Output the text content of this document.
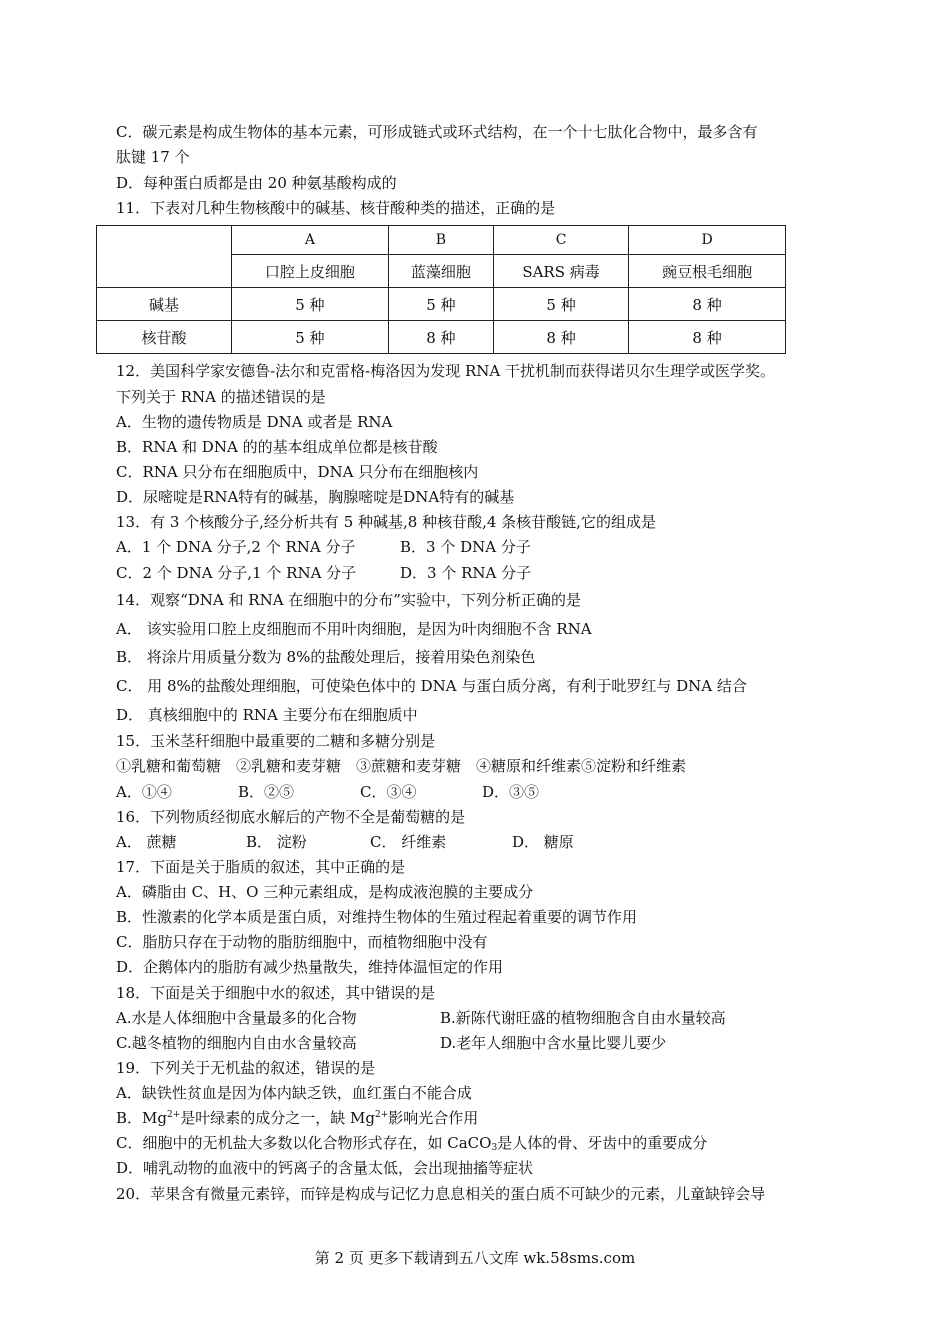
C．碳元素是构成生物体的基本元素，可形成链式或环式结构，在一个十七肽化合物中，最多含有
肽键 17 个
D．每种蛋白质都是由 20 种氨基酸构成的
11．下表对几种生物核酸中的碱基、核苷酸种类的描述，正确的是
	A	B	C	D
	口腔上皮细胞	蓝藻细胞	SARS 病毒	豌豆根毛细胞
碱基	5 种	5 种	5 种	8 种
核苷酸	5 种	8 种	8 种	8 种
12．美国科学家安德鲁-法尔和克雷格-梅洛因为发现 RNA 干扰机制而获得诺贝尔生理学或医学奖。
下列关于 RNA 的描述错误的是
A．生物的遗传物质是 DNA 或者是 RNA
B．RNA 和 DNA 的的基本组成单位都是核苷酸
C．RNA 只分布在细胞质中，DNA 只分布在细胞核内
D．尿嘧啶是RNA特有的碱基，胸腺嘧啶是DNA特有的碱基
13．有 3 个核酸分子,经分析共有 5 种碱基,8 种核苷酸,4 条核苷酸链,它的组成是
A．1 个 DNA 分子,2 个 RNA 分子	B．3 个 DNA 分子
C．2 个 DNA 分子,1 个 RNA 分子	D．3 个 RNA 分子
14．观察“DNA 和 RNA 在细胞中的分布”实验中，下列分析正确的是
A． 该实验用口腔上皮细胞而不用叶肉细胞，是因为叶肉细胞不含 RNA
B． 将涂片用质量分数为 8%的盐酸处理后，接着用染色剂染色
C． 用 8%的盐酸处理细胞，可使染色体中的 DNA 与蛋白质分离，有利于吡罗红与 DNA 结合
D． 真核细胞中的 RNA 主要分布在细胞质中
15．玉米茎秆细胞中最重要的二糖和多糖分别是
①乳糖和葡萄糖　②乳糖和麦芽糖　③蔗糖和麦芽糖　④糖原和纤维素⑤淀粉和纤维素
A．①④	B．②⑤	C．③④	D．③⑤
16．下列物质经彻底水解后的产物不全是葡萄糖的是
A． 蔗糖	B． 淀粉	C． 纤维素	D． 糖原
17．下面是关于脂质的叙述，其中正确的是
A．磷脂由 C、H、O 三种元素组成，是构成液泡膜的主要成分
B．性激素的化学本质是蛋白质，对维持生物体的生殖过程起着重要的调节作用
C．脂肪只存在于动物的脂肪细胞中，而植物细胞中没有
D．企鹅体内的脂肪有减少热量散失，维持体温恒定的作用
18．下面是关于细胞中水的叙述，其中错误的是
A.水是人体细胞中含量最多的化合物	B.新陈代谢旺盛的植物细胞含自由水量较高
C.越冬植物的细胞内自由水含量较高	D.老年人细胞中含水量比婴儿要少
19．下列关于无机盐的叙述，错误的是
A．缺铁性贫血是因为体内缺乏铁，血红蛋白不能合成
B．$Mg^{2+}$是叶绿素的成分之一，缺 $Mg^{2+}$影响光合作用
C．细胞中的无机盐大多数以化合物形式存在，如 CaCO$_3$是人体的骨、牙齿中的重要成分
D．哺乳动物的血液中的钙离子的含量太低，会出现抽搐等症状
20．苹果含有微量元素锌，而锌是构成与记忆力息息相关的蛋白质不可缺少的元素，儿童缺锌会导
第 2 页 更多下载请到五八文库 wk.58sms.com
